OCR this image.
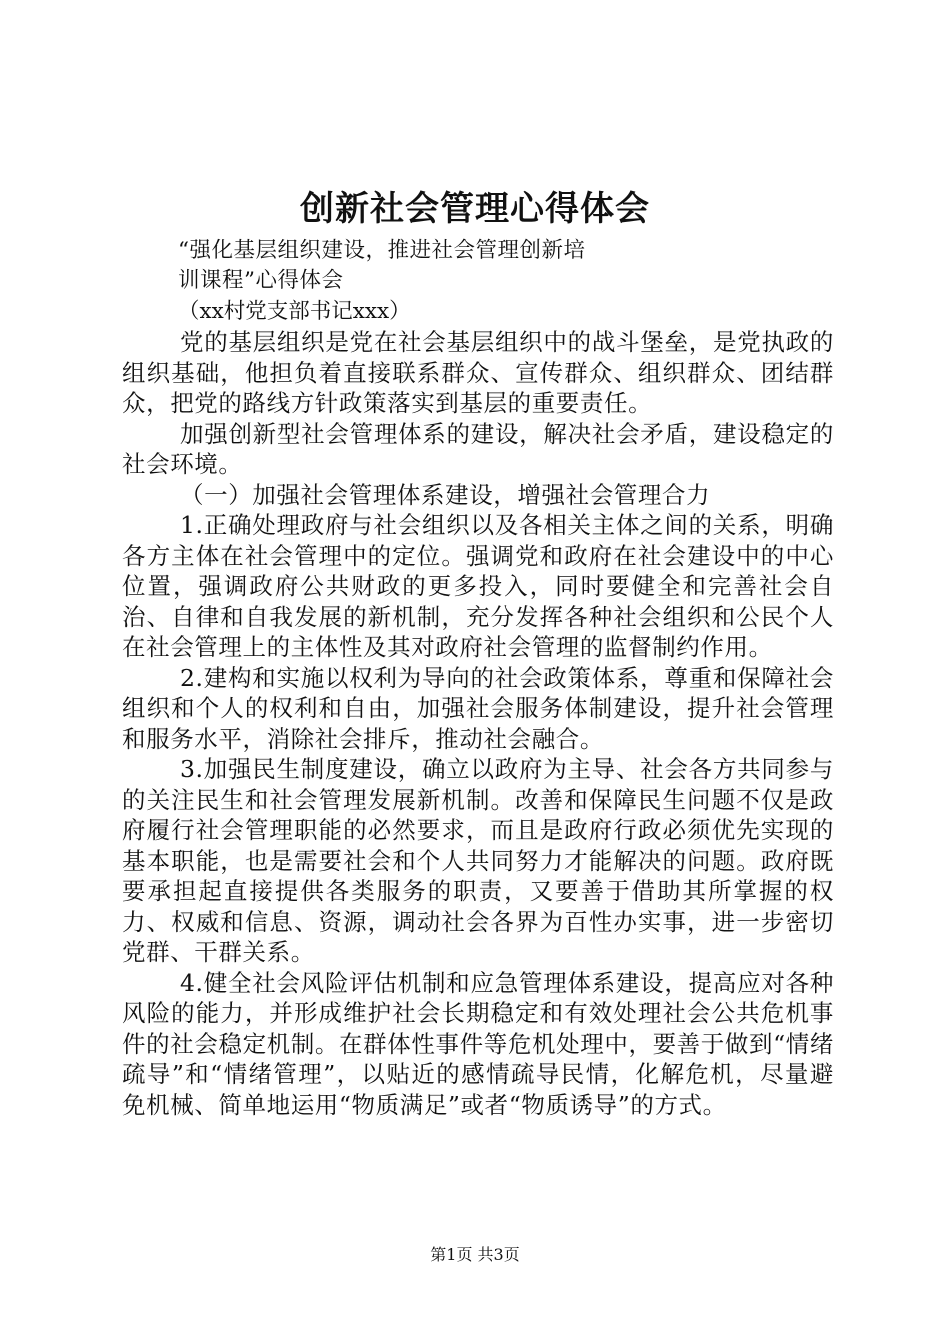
创新社会管理心得体会

“强化基层组织建设，推进社会管理创新培

训课程”心得体会

（xx村党支部书记xxx）

党的基层组织是党在社会基层组织中的战斗堡垒，是党执政的组织基础，他担负着直接联系群众、宣传群众、组织群众、团结群众，把党的路线方针政策落实到基层的重要责任。

加强创新型社会管理体系的建设，解决社会矛盾，建设稳定的社会环境。

（一）加强社会管理体系建设，增强社会管理合力

1.正确处理政府与社会组织以及各相关主体之间的关系，明确各方主体在社会管理中的定位。强调党和政府在社会建设中的中心位置，强调政府公共财政的更多投入，同时要健全和完善社会自治、自律和自我发展的新机制，充分发挥各种社会组织和公民个人在社会管理上的主体性及其对政府社会管理的监督制约作用。

2.建构和实施以权利为导向的社会政策体系，尊重和保障社会组织和个人的权利和自由，加强社会服务体制建设，提升社会管理和服务水平，消除社会排斥，推动社会融合。

3.加强民生制度建设，确立以政府为主导、社会各方共同参与的关注民生和社会管理发展新机制。改善和保障民生问题不仅是政府履行社会管理职能的必然要求，而且是政府行政必须优先实现的基本职能，也是需要社会和个人共同努力才能解决的问题。政府既要承担起直接提供各类服务的职责，又要善于借助其所掌握的权力、权威和信息、资源，调动社会各界为百性办实事，进一步密切党群、干群关系。

4.健全社会风险评估机制和应急管理体系建设，提高应对各种风险的能力，并形成维护社会长期稳定和有效处理社会公共危机事件的社会稳定机制。在群体性事件等危机处理中，要善于做到“情绪疏导”和“情绪管理”，以贴近的感情疏导民情，化解危机，尽量避免机械、简单地运用“物质满足”或者“物质诱导”的方式。

第1页 共3页
